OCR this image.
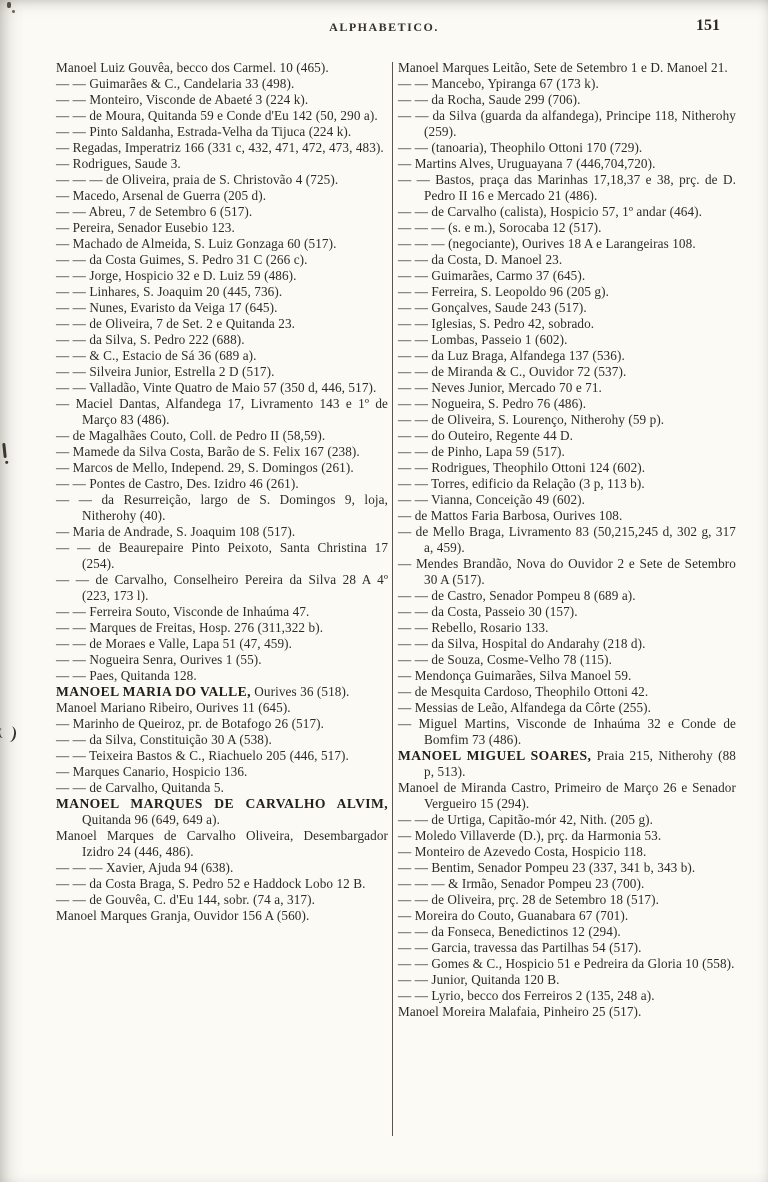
ALPHABETICO.	151

Manoel Luiz Gouvêa, becco dos Carmel. 10 (465).

— — Guimarães & C., Candelaria 33 (498).

— — Monteiro, Visconde de Abaeté 3 (224 k).

— — de Moura, Quitanda 59 e Conde d'Eu 142 (50, 290 a).

— — Pinto Saldanha, Estrada-Velha da Tijuca (224 k).

— Regadas, Imperatriz 166 (331 c, 432, 471, 472, 473, 483).

— Rodrigues, Saude 3.

— — — de Oliveira, praia de S. Christovão 4 (725).

— Macedo, Arsenal de Guerra (205 d).

— — Abreu, 7 de Setembro 6 (517).

— Pereira, Senador Eusebio 123.

— Machado de Almeida, S. Luiz Gonzaga 60 (517).

— — da Costa Guimes, S. Pedro 31 C (266 c).

— — Jorge, Hospicio 32 e D. Luiz 59 (486).

— — Linhares, S. Joaquim 20 (445, 736).

— — Nunes, Evaristo da Veiga 17 (645).

— — de Oliveira, 7 de Set. 2 e Quitanda 23.

— — da Silva, S. Pedro 222 (688).

— — & C., Estacio de Sá 36 (689 a).

— — Silveira Junior, Estrella 2 D (517).

— — Valladão, Vinte Quatro de Maio 57 (350 d, 446, 517).

— Maciel Dantas, Alfandega 17, Livramento 143 e 1º de Março 83 (486).

— de Magalhães Couto, Coll. de Pedro II (58,59).

— Mamede da Silva Costa, Barão de S. Felix 167 (238).

— Marcos de Mello, Independ. 29, S. Domingos (261).

— — Pontes de Castro, Des. Izidro 46 (261).

— — da Resurreição, largo de S. Domingos 9, loja, Nitherohy (40).

— Maria de Andrade, S. Joaquim 108 (517).

— — de Beaurepaire Pinto Peixoto, Santa Christina 17 (254).

— — de Carvalho, Conselheiro Pereira da Silva 28 A 4º (223, 173 l).

— — Ferreira Souto, Visconde de Inhaúma 47.

— — Marques de Freitas, Hosp. 276 (311,322 b).

— — de Moraes e Valle, Lapa 51 (47, 459).

— — Nogueira Senra, Ourives 1 (55).

— — Paes, Quitanda 128.

MANOEL MARIA DO VALLE, Ourives 36 (518).

Manoel Mariano Ribeiro, Ourives 11 (645).

— Marinho de Queiroz, pr. de Botafogo 26 (517).

— — da Silva, Constituição 30 A (538).

— — Teixeira Bastos & C., Riachuelo 205 (446, 517).

— Marques Canario, Hospicio 136.

— — de Carvalho, Quitanda 5.

MANOEL MARQUES DE CARVALHO ALVIM, Quitanda 96 (649, 649 a).

Manoel Marques de Carvalho Oliveira, Desembargador Izidro 24 (446, 486).

— — — Xavier, Ajuda 94 (638).

— — da Costa Braga, S. Pedro 52 e Haddock Lobo 12 B.

— — de Gouvêa, C. d'Eu 144, sobr. (74 a, 317).

Manoel Marques Granja, Ouvidor 156 A (560).

Manoel Marques Leitão, Sete de Setembro 1 e D. Manoel 21.

— — Mancebo, Ypiranga 67 (173 k).

— — da Rocha, Saude 299 (706).

— — da Silva (guarda da alfandega), Principe 118, Nitherohy (259).

— — (tanoaria), Theophilo Ottoni 170 (729).

— Martins Alves, Uruguayana 7 (446,704,720).

— — Bastos, praça das Marinhas 17,18,37 e 38, prç. de D. Pedro II 16 e Mercado 21 (486).

— — de Carvalho (calista), Hospicio 57, 1º andar (464).

— — — (s. e m.), Sorocaba 12 (517).

— — — (negociante), Ourives 18 A e Larangeiras 108.

— — da Costa, D. Manoel 23.

— — Guimarães, Carmo 37 (645).

— — Ferreira, S. Leopoldo 96 (205 g).

— — Gonçalves, Saude 243 (517).

— — Iglesias, S. Pedro 42, sobrado.

— — Lombas, Passeio 1 (602).

— — da Luz Braga, Alfandega 137 (536).

— — de Miranda & C., Ouvidor 72 (537).

— — Neves Junior, Mercado 70 e 71.

— — Nogueira, S. Pedro 76 (486).

— — de Oliveira, S. Lourenço, Nitherohy (59 p).

— — do Outeiro, Regente 44 D.

— — de Pinho, Lapa 59 (517).

— — Rodrigues, Theophilo Ottoni 124 (602).

— — Torres, edificio da Relação (3 p, 113 b).

— — Vianna, Conceição 49 (602).

— de Mattos Faria Barbosa, Ourives 108.

— de Mello Braga, Livramento 83 (50,215,245 d, 302 g, 317 a, 459).

— Mendes Brandão, Nova do Ouvidor 2 e Sete de Setembro 30 A (517).

— — de Castro, Senador Pompeu 8 (689 a).

— — da Costa, Passeio 30 (157).

— — Rebello, Rosario 133.

— — da Silva, Hospital do Andarahy (218 d).

— — de Souza, Cosme-Velho 78 (115).

— Mendonça Guimarães, Silva Manoel 59.

— de Mesquita Cardoso, Theophilo Ottoni 42.

— Messias de Leão, Alfandega da Côrte (255).

— Miguel Martins, Visconde de Inhaúma 32 e Conde de Bomfim 73 (486).

MANOEL MIGUEL SOARES, Praia 215, Nitherohy (88 p, 513).

Manoel de Miranda Castro, Primeiro de Março 26 e Senador Vergueiro 15 (294).

— — de Urtiga, Capitão-mór 42, Nith. (205 g).

— Moledo Villaverde (D.), prç. da Harmonia 53.

— Monteiro de Azevedo Costa, Hospicio 118.

— — Bentim, Senador Pompeu 23 (337, 341 b, 343 b).

— — — & Irmão, Senador Pompeu 23 (700).

— — de Oliveira, prç. 28 de Setembro 18 (517).

— Moreira do Couto, Guanabara 67 (701).

— — da Fonseca, Benedictinos 12 (294).

— — Garcia, travessa das Partilhas 54 (517).

— — Gomes & C., Hospicio 51 e Pedreira da Gloria 10 (558).

— — Junior, Quitanda 120 B.

— — Lyrio, becco dos Ferreiros 2 (135, 248 a).

Manoel Moreira Malafaia, Pinheiro 25 (517).
